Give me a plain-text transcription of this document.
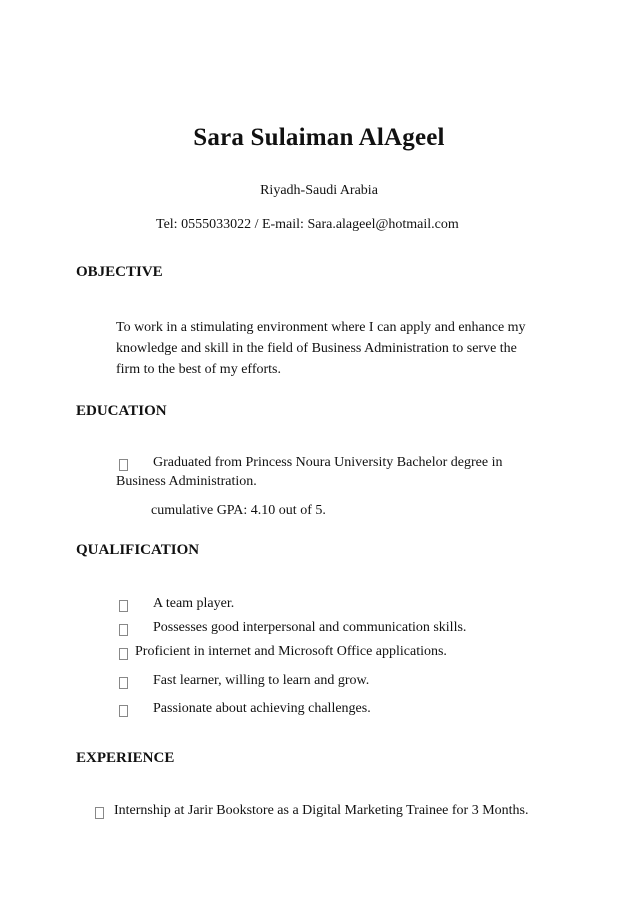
Sara Sulaiman AlAgeel
Riyadh-Saudi Arabia
Tel: 0555033022 / E-mail: Sara.alageel@hotmail.com
OBJECTIVE
To work in a stimulating environment where I can apply and enhance my
knowledge and skill in the field of Business Administration to serve the
firm to the best of my efforts.
EDUCATION
Graduated from Princess Noura University Bachelor degree in
Business Administration.
cumulative GPA: 4.10 out of 5.
QUALIFICATION
A team player.
Possesses good interpersonal and communication skills.
Proficient in internet and Microsoft Office applications.
Fast learner, willing to learn and grow.
Passionate about achieving challenges.
EXPERIENCE
Internship at Jarir Bookstore as a Digital Marketing Trainee for 3 Months.
